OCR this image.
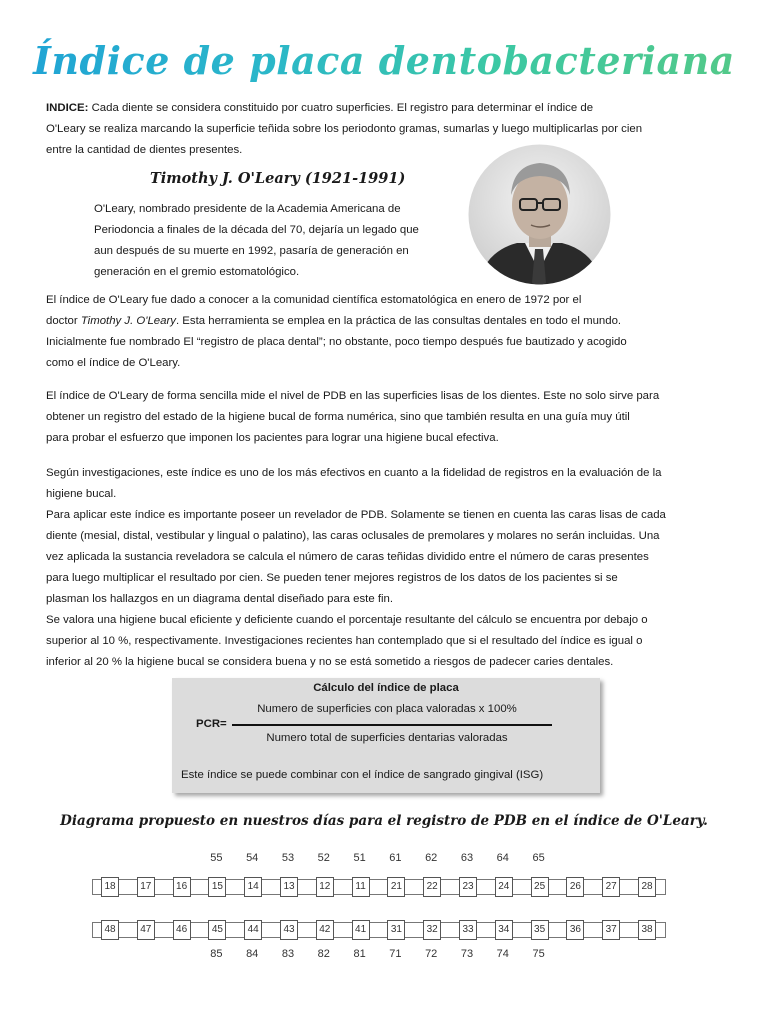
Índice de placa dentobacteriana

INDICE: Cada diente se considera constituido por cuatro superficies. El registro para determinar el índice de
O'Leary se realiza marcando la superficie teñida sobre los periodonto gramas, sumarlas y luego multiplicarlas por cien
entre la cantidad de dientes presentes.

Timothy J. O'Leary (1921-1991)

O'Leary, nombrado presidente de la Academia Americana de
Periodoncia a finales de la década del 70, dejaría un legado que
aun después de su muerte en 1992, pasaría de generación en
generación en el gremio estomatológico.

El índice de O'Leary fue dado a conocer a la comunidad científica estomatológica en enero de 1972 por el
doctor Timothy J. O'Leary. Esta herramienta se emplea en la práctica de las consultas dentales en todo el mundo.
Inicialmente fue nombrado El “registro de placa dental”; no obstante, poco tiempo después fue bautizado y acogido
como el índice de O'Leary.

El índice de O'Leary de forma sencilla mide el nivel de PDB en las superficies lisas de los dientes. Este no solo sirve para
obtener un registro del estado de la higiene bucal de forma numérica, sino que también resulta en una guía muy útil
para probar el esfuerzo que imponen los pacientes para lograr una higiene bucal efectiva.

Según investigaciones, este índice es uno de los más efectivos en cuanto a la fidelidad de registros en la evaluación de la
higiene bucal.
Para aplicar este índice es importante poseer un revelador de PDB. Solamente se tienen en cuenta las caras lisas de cada
diente (mesial, distal, vestibular y lingual o palatino), las caras oclusales de premolares y molares no serán incluidas. Una
vez aplicada la sustancia reveladora se calcula el número de caras teñidas dividido entre el número de caras presentes
para luego multiplicar el resultado por cien. Se pueden tener mejores registros de los datos de los pacientes si se
plasman los hallazgos en un diagrama dental diseñado para este fin.
Se valora una higiene bucal eficiente y deficiente cuando el porcentaje resultante del cálculo se encuentra por debajo o
superior al 10 %, respectivamente. Investigaciones recientes han contemplado que si el resultado del índice es igual o
inferior al 20 % la higiene bucal se considera buena y no se está sometido a riesgos de padecer caries dentales.

Cálculo del índice de placa
PCR=
Numero de superficies con placa valoradas x 100%
Numero total de superficies dentarias valoradas
Este índice se puede combinar con el índice de sangrado gingival (ISG)
Diagrama propuesto en nuestros días para el registro de PDB en el índice de O'Leary.
55	54	53	52	51	61	62	63	64	65
18	17	16	15	14	13	12	11	21	22	23	24	25	26	27	28
48	47	46	45	44	43	42	41	31	32	33	34	35	36	37	38
85	84	83	82	81	71	72	73	74	75
